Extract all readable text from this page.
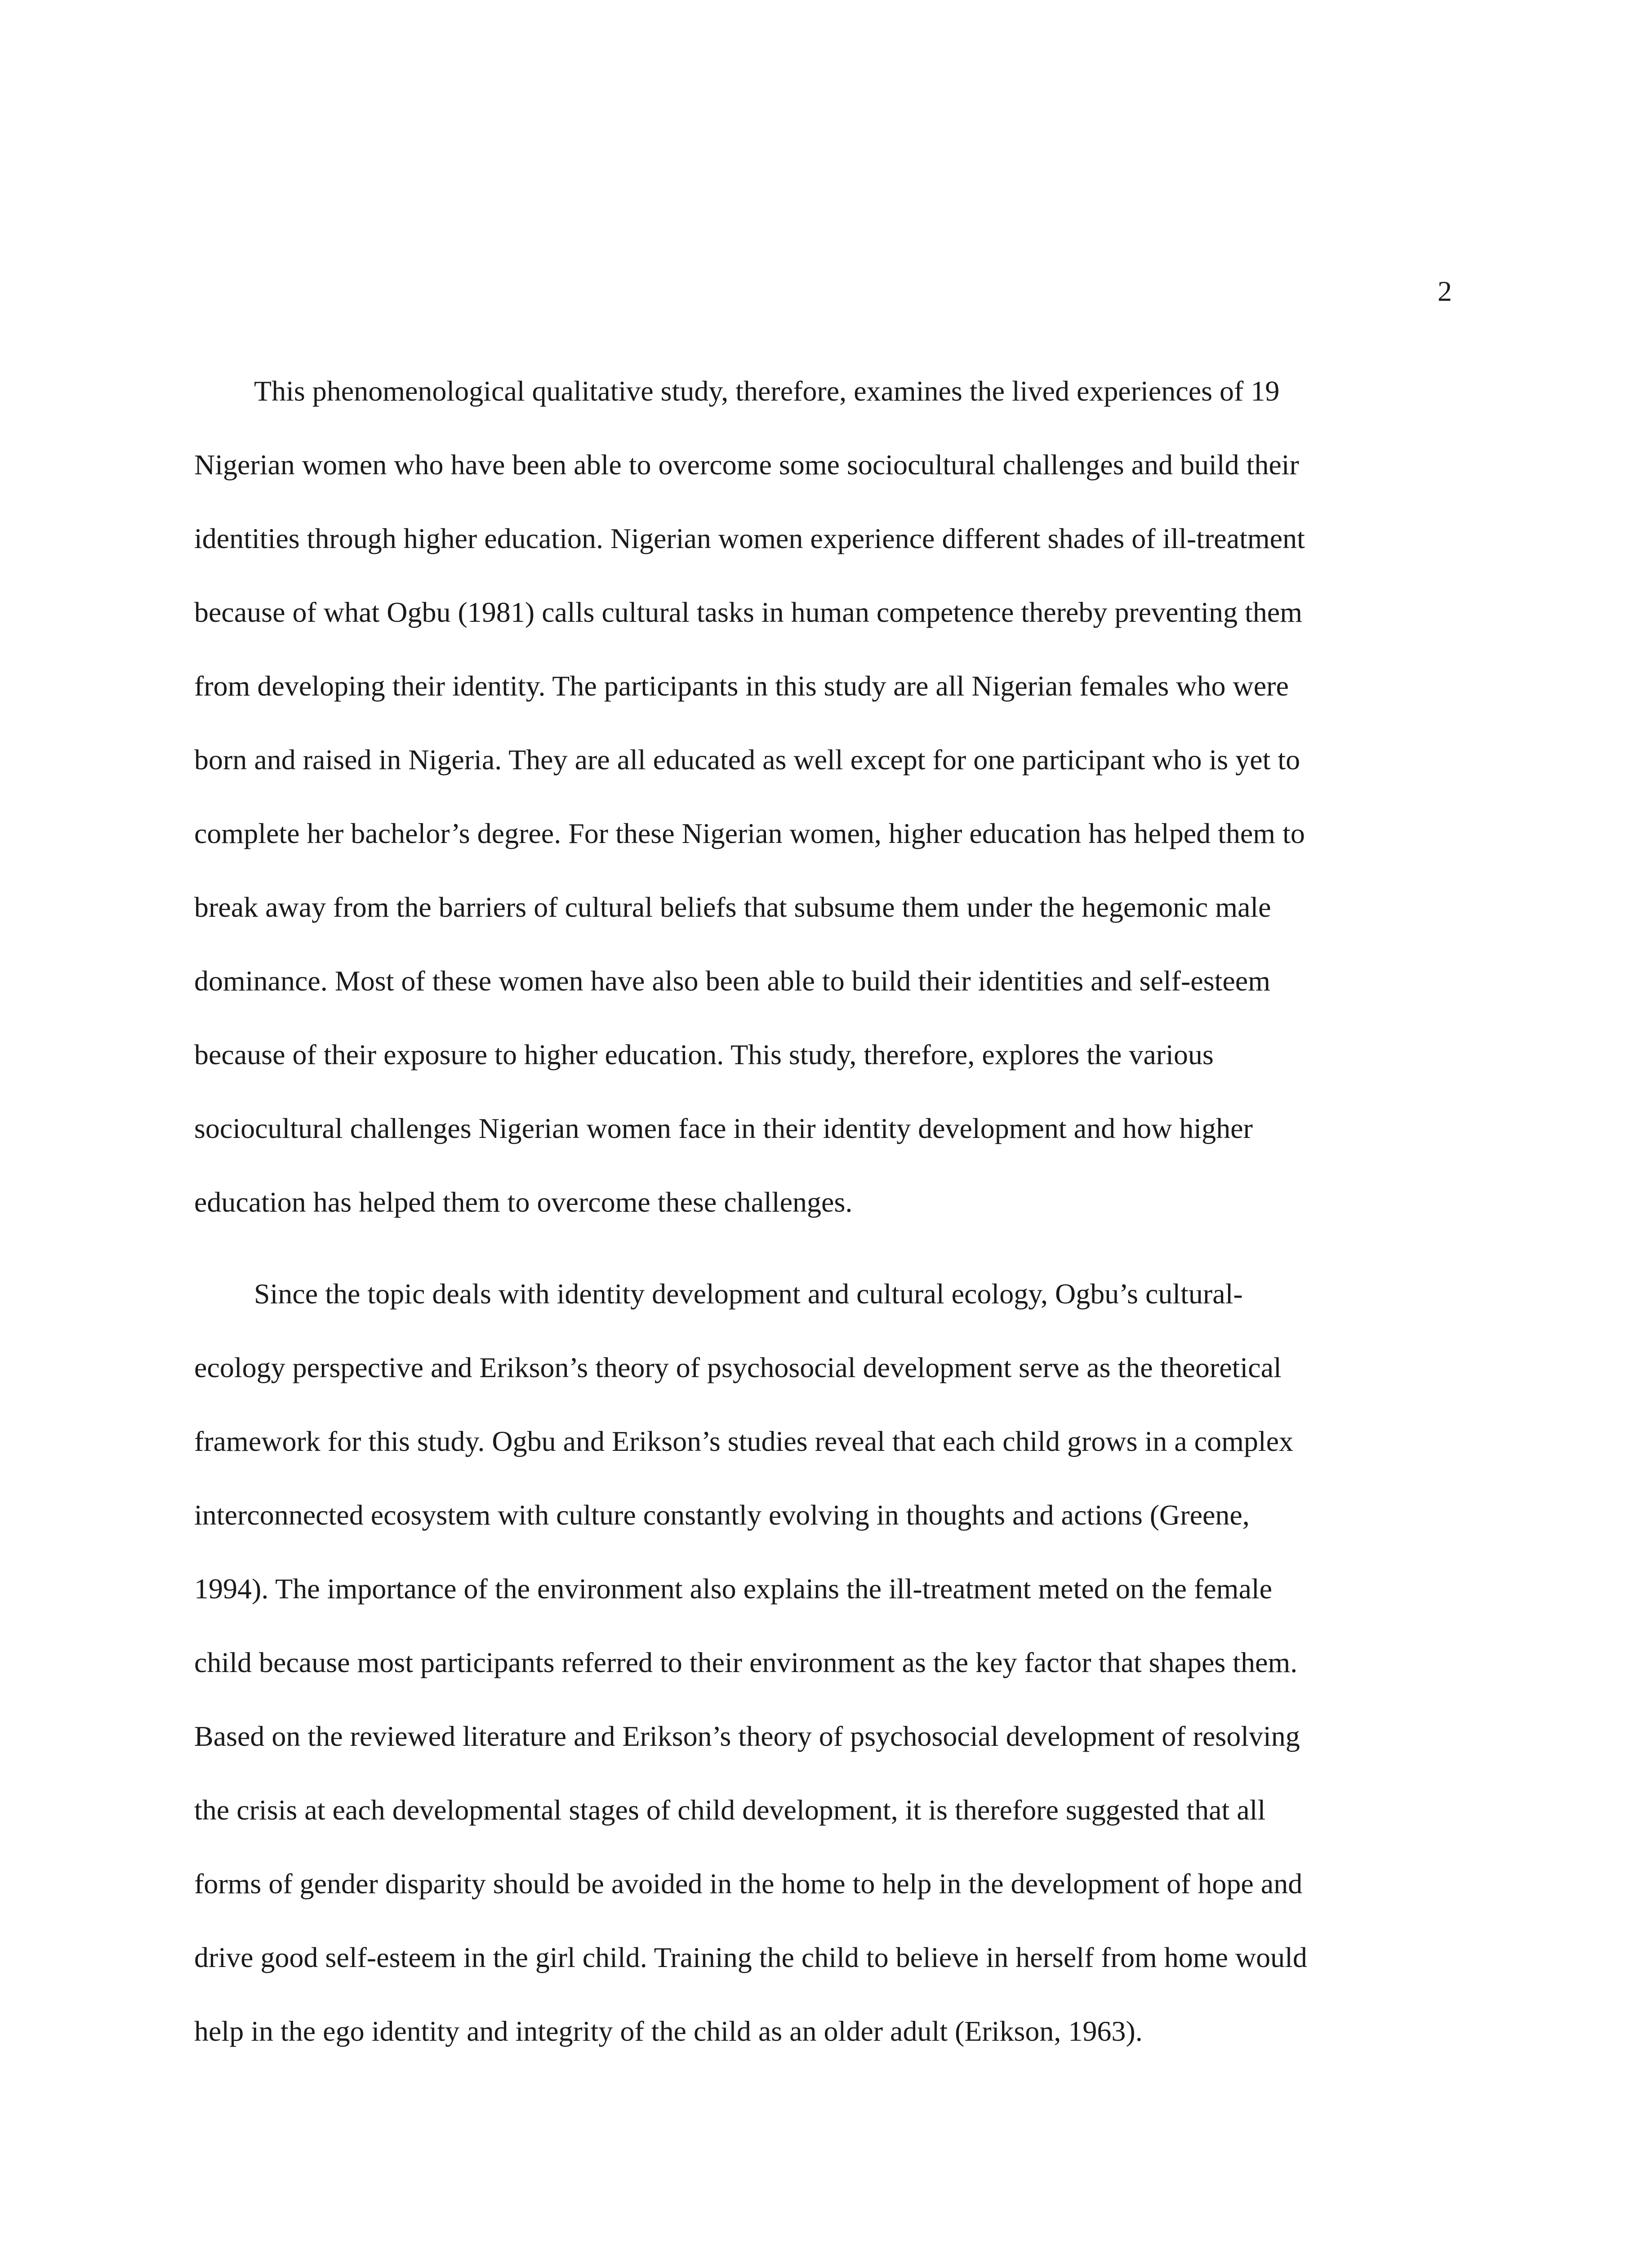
2
This phenomenological qualitative study, therefore, examines the lived experiences of 19
Nigerian women who have been able to overcome some sociocultural challenges and build their
identities through higher education. Nigerian women experience different shades of ill-treatment
because of what Ogbu (1981) calls cultural tasks in human competence thereby preventing them
from developing their identity. The participants in this study are all Nigerian females who were
born and raised in Nigeria. They are all educated as well except for one participant who is yet to
complete her bachelor’s degree. For these Nigerian women, higher education has helped them to
break away from the barriers of cultural beliefs that subsume them under the hegemonic male
dominance. Most of these women have also been able to build their identities and self-esteem
because of their exposure to higher education. This study, therefore, explores the various
sociocultural challenges Nigerian women face in their identity development and how higher
education has helped them to overcome these challenges.
Since the topic deals with identity development and cultural ecology, Ogbu’s cultural-
ecology perspective and Erikson’s theory of psychosocial development serve as the theoretical
framework for this study. Ogbu and Erikson’s studies reveal that each child grows in a complex
interconnected ecosystem with culture constantly evolving in thoughts and actions (Greene,
1994). The importance of the environment also explains the ill-treatment meted on the female
child because most participants referred to their environment as the key factor that shapes them.
Based on the reviewed literature and Erikson’s theory of psychosocial development of resolving
the crisis at each developmental stages of child development, it is therefore suggested that all
forms of gender disparity should be avoided in the home to help in the development of hope and
drive good self-esteem in the girl child. Training the child to believe in herself from home would
help in the ego identity and integrity of the child as an older adult (Erikson, 1963).
